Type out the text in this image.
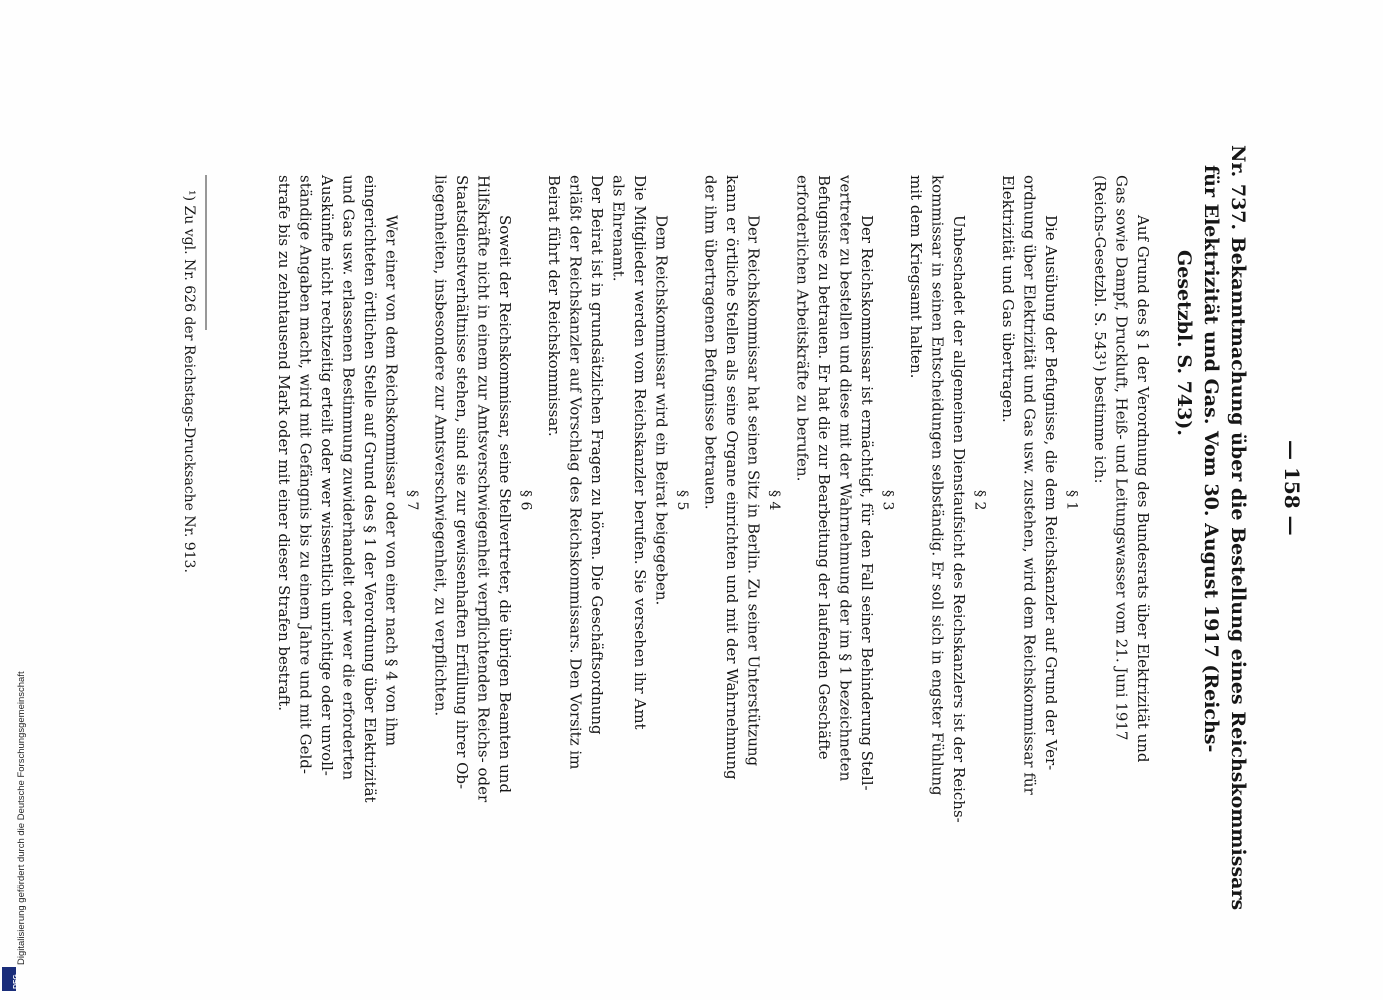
— 158 —
Nr. 737. Bekanntmachung über die Bestellung eines Reichskommissars
für Elektrizität und Gas. Vom 30. August 1917 (Reichs-
Gesetzbl. S. 743).
Auf Grund des § 1 der Verordnung des Bundesrats über Elektrizität und
Gas sowie Dampf, Druckluft, Heiß- und Leitungswasser vom 21. Juni 1917
(Reichs-Gesetzbl. S. 543¹) bestimme ich:
§ 1
Die Ausübung der Befugnisse, die dem Reichskanzler auf Grund der Ver-
ordnung über Elektrizität und Gas usw. zustehen, wird dem Reichskommissar für
Elektrizität und Gas übertragen.
§ 2
Unbeschadet der allgemeinen Dienstaufsicht des Reichskanzlers ist der Reichs-
kommissar in seinen Entscheidungen selbständig. Er soll sich in engster Fühlung
mit dem Kriegsamt halten.
§ 3
Der Reichskommissar ist ermächtigt, für den Fall seiner Behinderung Stell-
vertreter zu bestellen und diese mit der Wahrnehmung der im § 1 bezeichneten
Befugnisse zu betrauen. Er hat die zur Bearbeitung der laufenden Geschäfte
erforderlichen Arbeitskräfte zu berufen.
§ 4
Der Reichskommissar hat seinen Sitz in Berlin. Zu seiner Unterstützung
kann er örtliche Stellen als seine Organe einrichten und mit der Wahrnehmung
der ihm übertragenen Befugnisse betrauen.
§ 5
Dem Reichskommissar wird ein Beirat beigegeben.
Die Mitglieder werden vom Reichskanzler berufen. Sie versehen ihr Amt
als Ehrenamt.
Der Beirat ist in grundsätzlichen Fragen zu hören. Die Geschäftsordnung
erläßt der Reichskanzler auf Vorschlag des Reichskommissars. Den Vorsitz im
Beirat führt der Reichskommissar.
§ 6
Soweit der Reichskommissar, seine Stellvertreter, die übrigen Beamten und
Hilfskräfte nicht in einem zur Amtsverschwiegenheit verpflichtenden Reichs- oder
Staatsdienstverhältnisse stehen, sind sie zur gewissenhaften Erfüllung ihrer Ob-
liegenheiten, insbesondere zur Amtsverschwiegenheit, zu verpflichten.
§ 7
Wer einer von dem Reichskommissar oder von einer nach § 4 von ihm
eingerichteten örtlichen Stelle auf Grund des § 1 der Verordnung über Elektrizität
und Gas usw. erlassenen Bestimmung zuwiderhandelt oder wer die erforderten
Auskünfte nicht rechtzeitig erteilt oder wer wissentlich unrichtige oder unvoll-
ständige Angaben macht, wird mit Gefängnis bis zu einem Jahre und mit Geld-
strafe bis zu zehntausend Mark oder mit einer dieser Strafen bestraft.
¹) Zu vgl. Nr. 626 der Reichstags-Drucksache Nr. 913.
Digitalisierung gefördert durch die Deutsche Forschungsgemeinschaft
DFG
